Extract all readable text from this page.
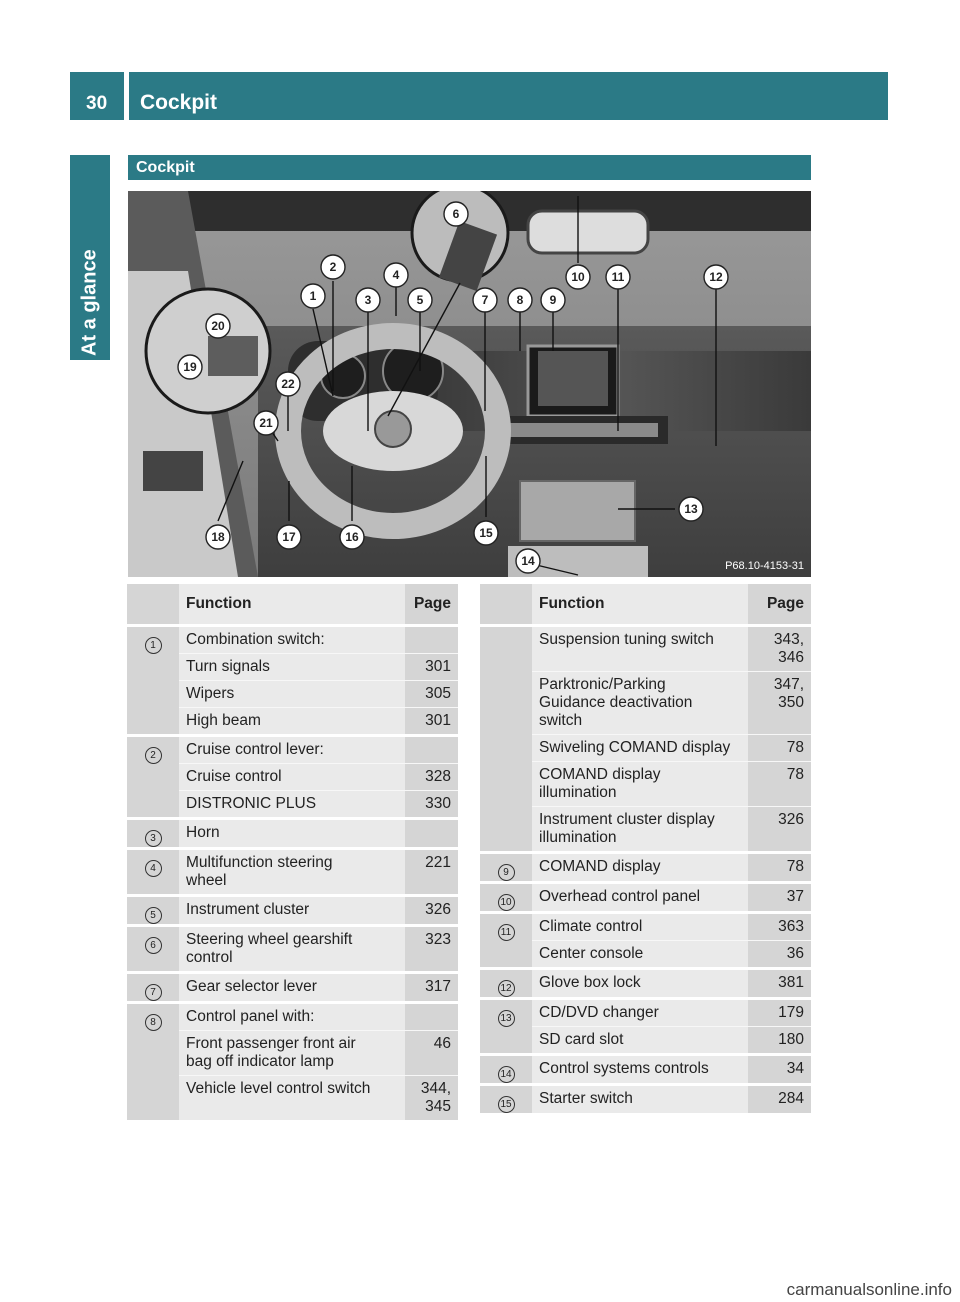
30	Cockpit
At a glance
Cockpit
1
2
3
4
5
6
7 8 9
10 11	12
13
14
15
16
17
18
19
20
21
22
P68.10-4153-31
	Function	Page
1	Combination switch:	

Turn signals	301

Wipers	305

High beam	301

2	Cruise control lever:	

Cruise control	328

DISTRONIC PLUS	330

3	Horn	

4	Multifunction steering
wheel	221

5	Instrument cluster	326

6	Steering wheel gearshift
control	323

7	Gear selector lever	317

8	Control panel with:	

Front passenger front air
bag off indicator lamp	46

Vehicle level control switch	344,
345
	Function	Page

Suspension tuning switch	343,
346

Parktronic/Parking
Guidance deactivation
switch	347,
350

Swiveling COMAND display	78

COMAND display
illumination	78

Instrument cluster display
illumination	326

9	COMAND display	78

10	Overhead control panel	37

11	Climate control	363

Center console	36

12	Glove box lock	381

13	CD/DVD changer	179

SD card slot	180

14	Control systems controls	34

15	Starter switch	284
carmanualsonline.info
